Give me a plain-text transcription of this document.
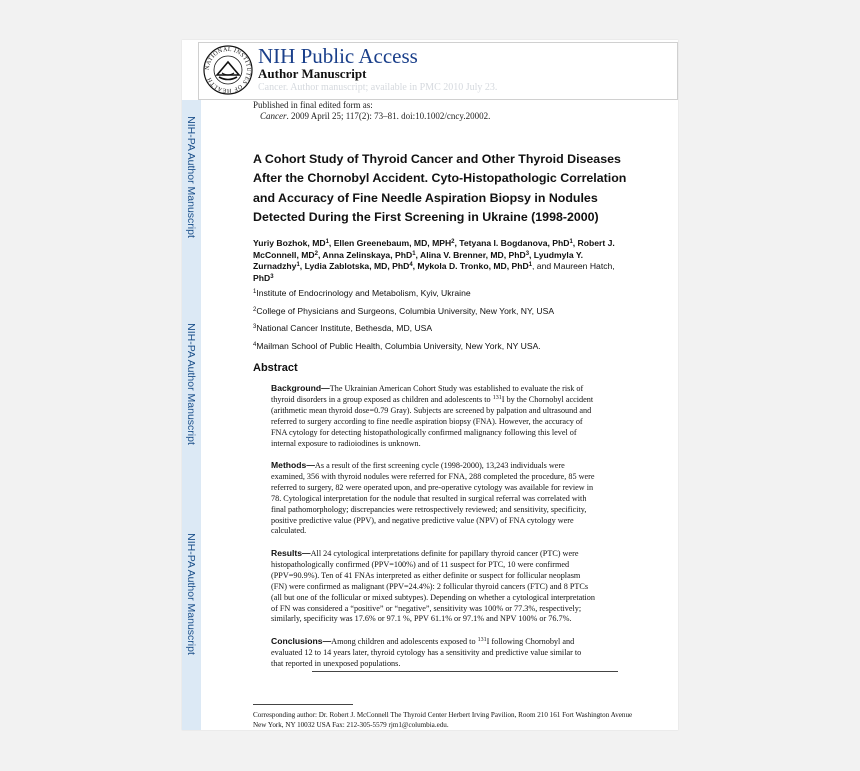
NIH-PA Author Manuscript
NIH-PA Author Manuscript
NIH-PA Author Manuscript
NATIONAL INSTITUTES OF HEALTH
NIH Public Access
Author Manuscript
Cancer. Author manuscript; available in PMC 2010 July 23.
Published in final edited form as:
Cancer. 2009 April 25; 117(2): 73–81. doi:10.1002/cncy.20002.
A Cohort Study of Thyroid Cancer and Other Thyroid Diseases
After the Chornobyl Accident. Cyto-Histopathologic Correlation
and Accuracy of Fine Needle Aspiration Biopsy in Nodules
Detected During the First Screening in Ukraine (1998-2000)
Yuriy Bozhok, $MD^1$, Ellen Greenebaum, MD, MPH$^2$, Tetyana I. Bogdanova, PhD$^1$, Robert J.
McConnell, $MD^2$, Anna Zelinskaya, PhD$^1$, Alina V. Brenner, MD, PhD$^3$, Lyudmyla Y.
Zurnadzhy$^1$, Lydia Zablotska, MD, PhD$^4$, Mykola D. Tronko, MD, PhD$^1$, and Maureen Hatch,
PhD$^3$
$^1$Institute of Endocrinology and Metabolism, Kyiv, Ukraine
$^2$College of Physicians and Surgeons, Columbia University, New York, NY, USA
$^3$National Cancer Institute, Bethesda, MD, USA
$^4$Mailman School of Public Health, Columbia University, New York, NY USA.
Abstract
Background—The Ukrainian American Cohort Study was established to evaluate the risk of
thyroid disorders in a group exposed as children and adolescents to $^{131}$I by the Chornobyl accident
(arithmetic mean thyroid dose=0.79 Gray). Subjects are screened by palpation and ultrasound and
referred to surgery according to fine needle aspiration biopsy (FNA). However, the accuracy of
FNA cytology for detecting histopathologically confirmed malignancy following this level of
internal exposure to radioiodines is unknown.
Methods—As a result of the first screening cycle (1998-2000), 13,243 individuals were
examined, 356 with thyroid nodules were referred for FNA, 288 completed the procedure, 85 were
referred to surgery, 82 were operated upon, and pre-operative cytology was available for review in
78. Cytological interpretation for the nodule that resulted in surgical referral was correlated with
final pathomorphology; discrepancies were retrospectively reviewed; and sensitivity, specificity,
positive predictive value (PPV), and negative predictive value (NPV) of FNA cytology were
calculated.
Results—All 24 cytological interpretations definite for papillary thyroid cancer (PTC) were
histopathologically confirmed (PPV=100%) and of 11 suspect for PTC, 10 were confirmed
(PPV=90.9%). Ten of 41 FNAs interpreted as either definite or suspect for follicular neoplasm
(FN) were confirmed as malignant (PPV=24.4%): 2 follicular thyroid cancers (FTC) and 8 PTCs
(all but one of the follicular or mixed subtypes). Depending on whether a cytological interpretation
of FN was considered a “positive” or “negative”, sensitivity was 100% or 77.3%, respectively;
similarly, specificity was 17.6% or 97.1 %, PPV 61.1% or 97.1% and NPV 100% or 76.7%.
Conclusions—Among children and adolescents exposed to $^{131}$I following Chornobyl and
evaluated 12 to 14 years later, thyroid cytology has a sensitivity and predictive value similar to
that reported in unexposed populations.
Corresponding author: Dr. Robert J. McConnell The Thyroid Center Herbert Irving Pavilion, Room 210 161 Fort Washington Avenue
New York, NY 10032 USA Fax: 212-305-5579 rjm1@columbia.edu.
